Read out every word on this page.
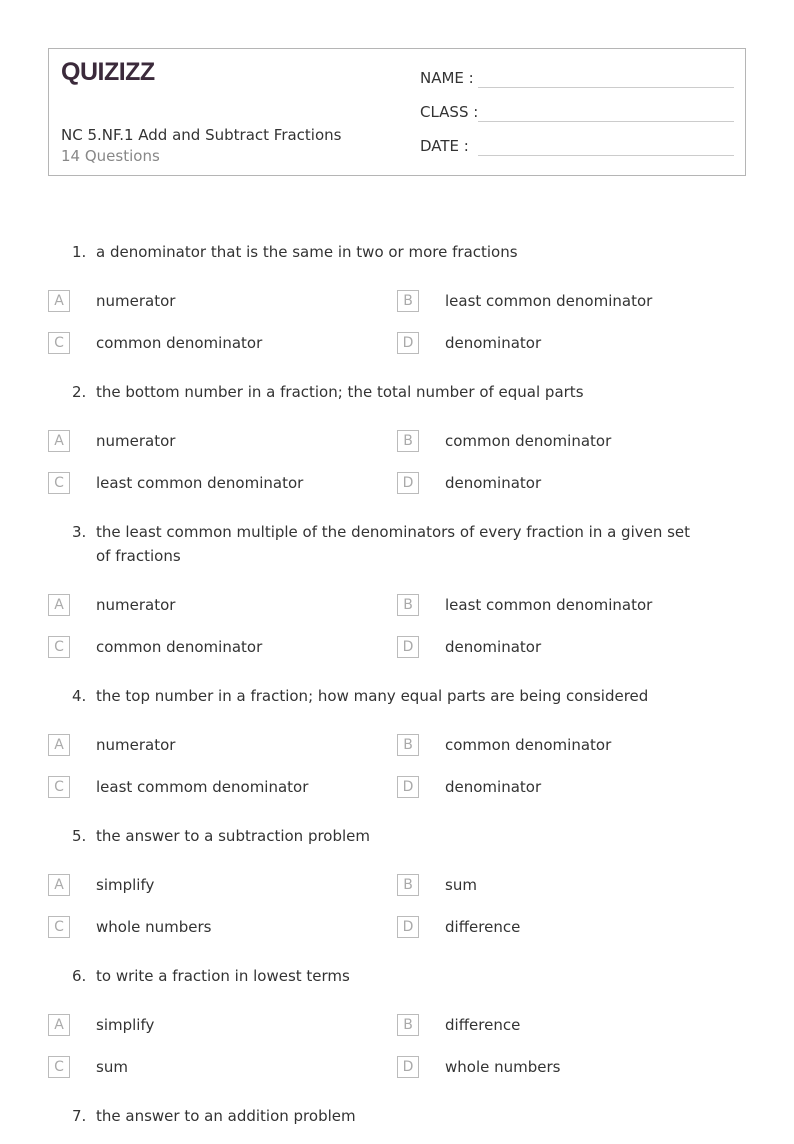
QUIZIZZ
NC 5.NF.1 Add and Subtract Fractions
14 Questions
NAME :
CLASS :
DATE :
1. a denominator that is the same in two or more fractions
A	numerator	B	least common denominator
C	common denominator	D	denominator
2. the bottom number in a fraction; the total number of equal parts
A	numerator	B	common denominator
C	least common denominator	D	denominator
3. the least common multiple of the denominators of every fraction in a given set of fractions
A	numerator	B	least common denominator
C	common denominator	D	denominator
4. the top number in a fraction; how many equal parts are being considered
A	numerator	B	common denominator
C	least commom denominator	D	denominator
5. the answer to a subtraction problem
A	simplify	B	sum
C	whole numbers	D	difference
6. to write a fraction in lowest terms
A	simplify	B	difference
C	sum	D	whole numbers
7. the answer to an addition problem
